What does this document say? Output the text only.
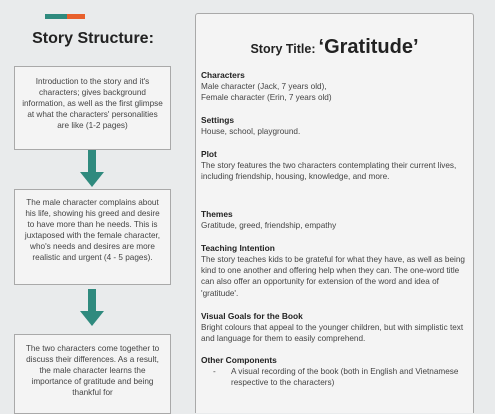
Story Structure:
Introduction to the story and it's characters; gives background information, as well as the first glimpse at what the characters' personalities are like (1-2 pages)
The male character complains about his life, showing his greed and desire to have more than he needs. This is juxtaposed with the female character, who's needs and desires are more realistic and urgent (4 - 5 pages).
The two characters come together to discuss their differences. As a result, the male character learns the importance of gratitude and being thankful for
Story Title: ‘Gratitude’
Characters

Male character (Jack, 7 years old),

Female character (Erin, 7 years old)

Settings

House, school, playground.

Plot

The story features the two characters contemplating their current lives, including friendship, housing, knowledge, and more.

Themes

Gratitude, greed, friendship, empathy

Teaching Intention

The story teaches kids to be grateful for what they have, as well as being kind to one another and offering help when they can. The one-word title can also offer an opportunity for extension of the word and idea of 'gratitude'.

Visual Goals for the Book

Bright colours that appeal to the younger children, but with simplistic text and language for them to easily comprehend.

Other Components
-	A visual recording of the book (both in English and Vietnamese respective to the characters)
